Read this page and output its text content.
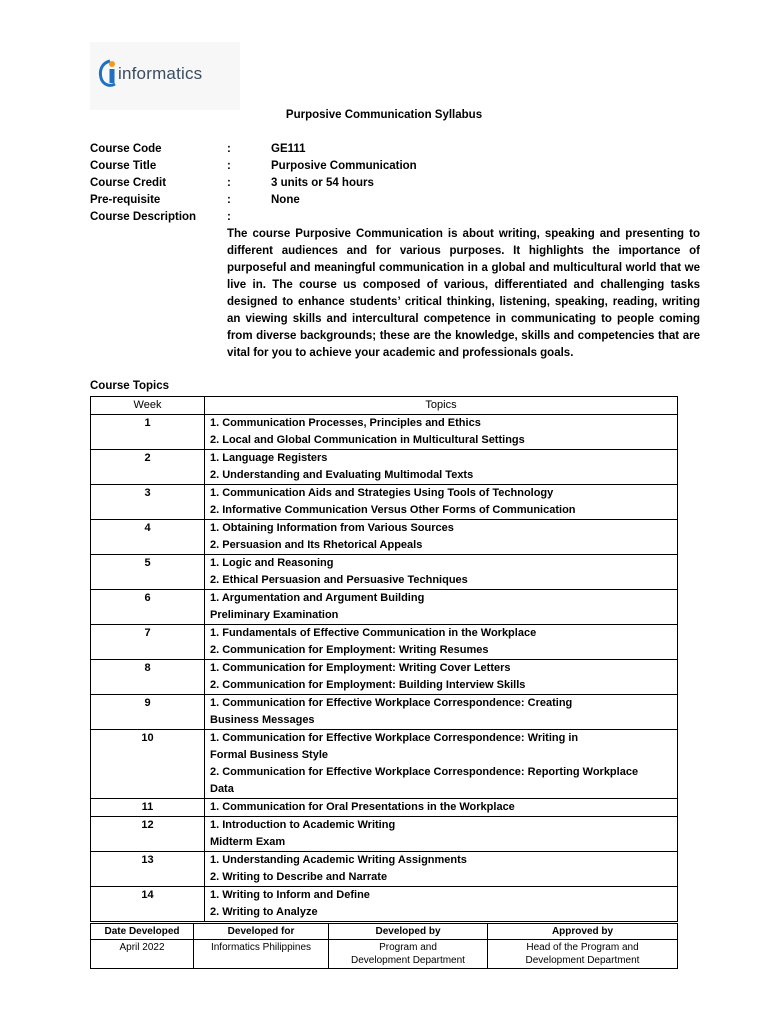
informatics
Purposive Communication Syllabus
Course Code	:	GE111
Course Title	:	Purposive Communication
Course Credit	:	3 units or 54 hours
Pre-requisite	:	None
Course Description	:
The course Purposive Communication is about writing, speaking and presenting to different audiences and for various purposes. It highlights the importance of purposeful and meaningful communication in a global and multicultural world that we live in. The course us composed of various, differentiated and challenging tasks designed to enhance students’ critical thinking, listening, speaking, reading, writing an viewing skills and intercultural competence in communicating to people coming from diverse backgrounds; these are the knowledge, skills and competencies that are vital for you to achieve your academic and professionals goals.
Course Topics
Week	Topics
1	1. Communication Processes, Principles and Ethics
2. Local and Global Communication in Multicultural Settings

2	1. Language Registers
2. Understanding and Evaluating Multimodal Texts

3	1. Communication Aids and Strategies Using Tools of Technology
2. Informative Communication Versus Other Forms of Communication

4	1. Obtaining Information from Various Sources
2. Persuasion and Its Rhetorical Appeals

5	1. Logic and Reasoning
2. Ethical Persuasion and Persuasive Techniques

6	1. Argumentation and Argument Building
Preliminary Examination

7	1. Fundamentals of Effective Communication in the Workplace
2. Communication for Employment: Writing Resumes

8	1. Communication for Employment: Writing Cover Letters
2. Communication for Employment: Building Interview Skills

9	1. Communication for Effective Workplace Correspondence: Creating
Business Messages

10	1. Communication for Effective Workplace Correspondence: Writing in
Formal Business Style
2. Communication for Effective Workplace Correspondence: Reporting Workplace
Data

11	1. Communication for Oral Presentations in the Workplace

12	1. Introduction to Academic Writing
Midterm Exam

13	1. Understanding Academic Writing Assignments
2. Writing to Describe and Narrate

14	1. Writing to Inform and Define
2. Writing to Analyze
Date Developed	Developed for	Developed by	Approved by
April 2022	Informatics Philippines	Program and Development Department	Head of the Program and Development Department
